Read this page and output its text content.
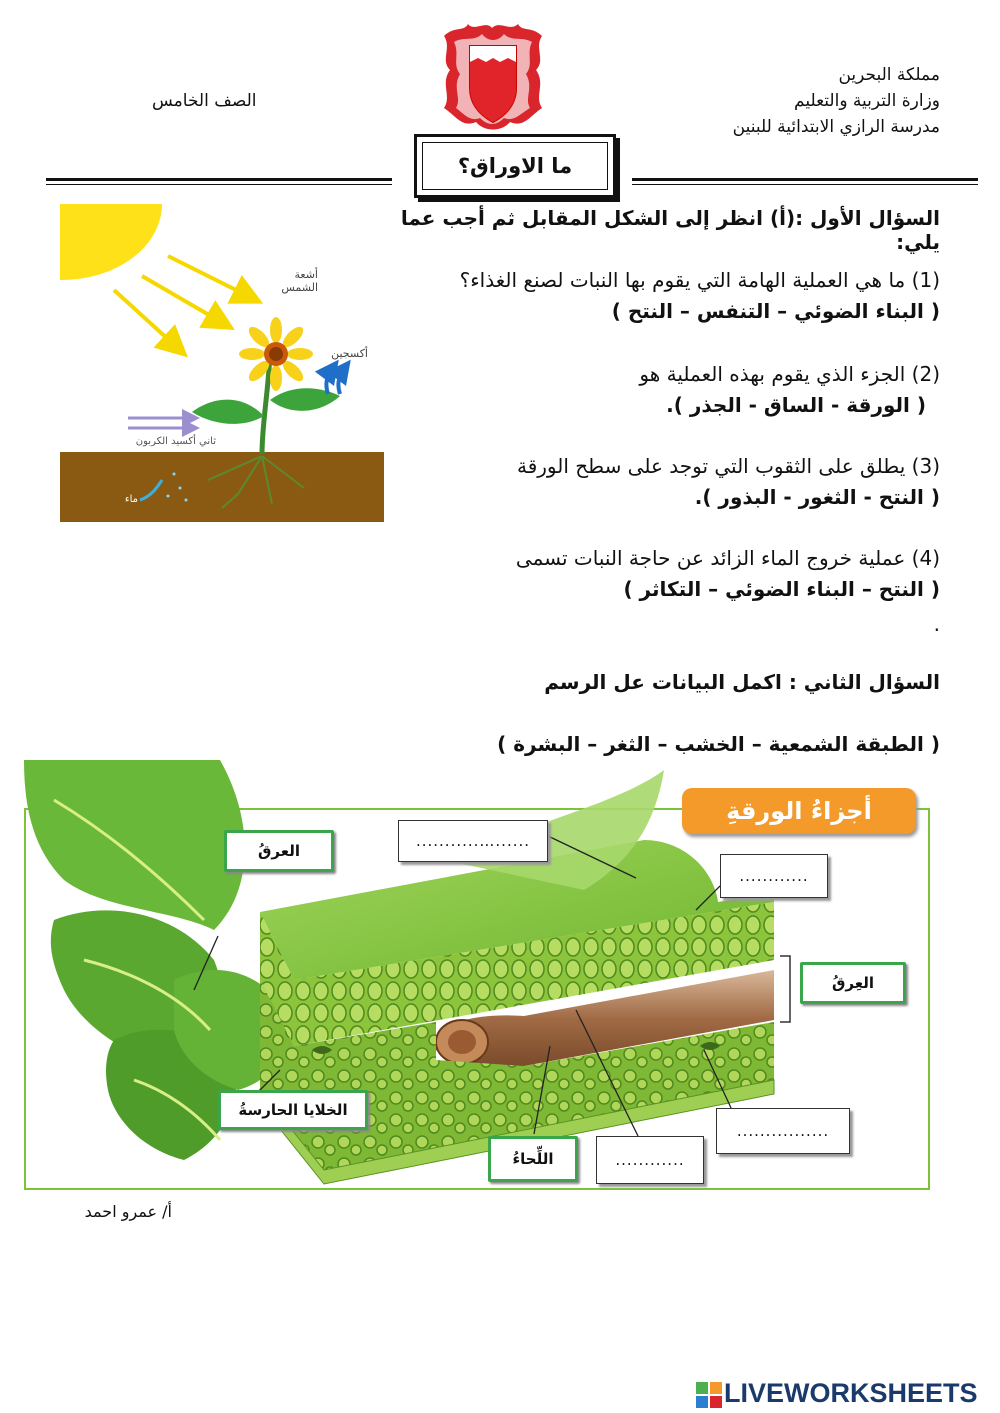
مملكة البحرين
وزارة التربية والتعليم
مدرسة الرازي الابتدائية للبنين
الصف الخامس
ما الاوراق؟
أشعة الشمس
أكسجين
ثاني أكسيد الكربون
ماء
السؤال الأول :(أ) انظر إلى الشكل المقابل ثم أجب عما يلي:
(1) ما هي العملية الهامة التي يقوم بها النبات لصنع الغذاء؟
( البناء الضوئي – التنفس – النتح )
(2) الجزء الذي يقوم بهذه العملية هو
( الورقة - الساق - الجذر ).
(3) يطلق على الثقوب التي توجد على سطح الورقة
( النتح - الثغور - البذور ).
(4) عملية خروج الماء الزائد عن حاجة النبات تسمى
( النتح – البناء الضوئي – التكاثر )
.
السؤال الثاني : اكمل البيانات عل الرسم
( الطبقة الشمعية – الخشب – الثغر – البشرة )
أجزاءُ الورقةِ
العرقُ
العِرقُ
الخلايا الحارسةُ
اللِّحاءُ
...........…......
............
................
............
أ/ عمرو احمد
LIVEWORKSHEETS
